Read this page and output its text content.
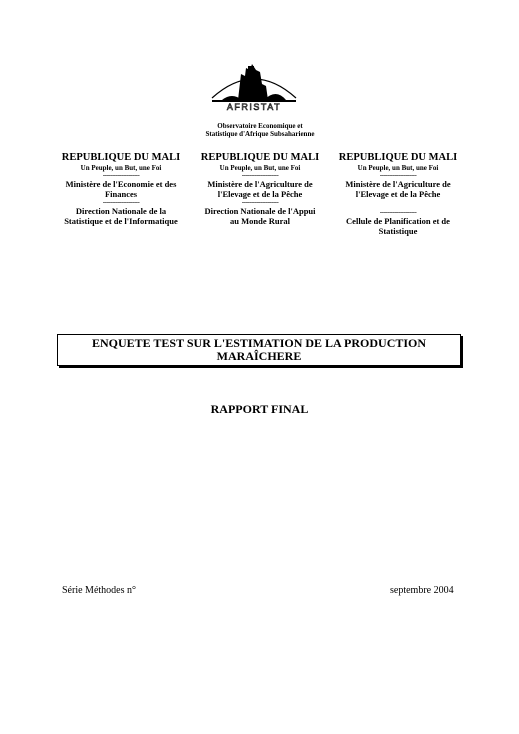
AFRISTAT
Observatoire Economique et
Statistique d'Afrique Subsaharienne
REPUBLIQUE DU MALI
Un Peuple, un But, une Foi
--------------------
Ministère de l'Economie et des
Finances
--------------------
Direction Nationale de la
Statistique et de l'Informatique
REPUBLIQUE DU MALI
Un Peuple, un But, une Foi
--------------------
Ministère de l'Agriculture de
l'Elevage et de la Pêche
--------------------
Direction Nationale de l'Appui
au Monde Rural
REPUBLIQUE DU MALI
Un Peuple, un But, une Foi
--------------------
Ministère de l'Agriculture de
l'Elevage et de la Pêche
--------------------
Cellule de Planification et de
Statistique
ENQUETE TEST SUR L'ESTIMATION DE LA PRODUCTION
MARAÎCHERE
RAPPORT FINAL
Série Méthodes n°	septembre 2004
